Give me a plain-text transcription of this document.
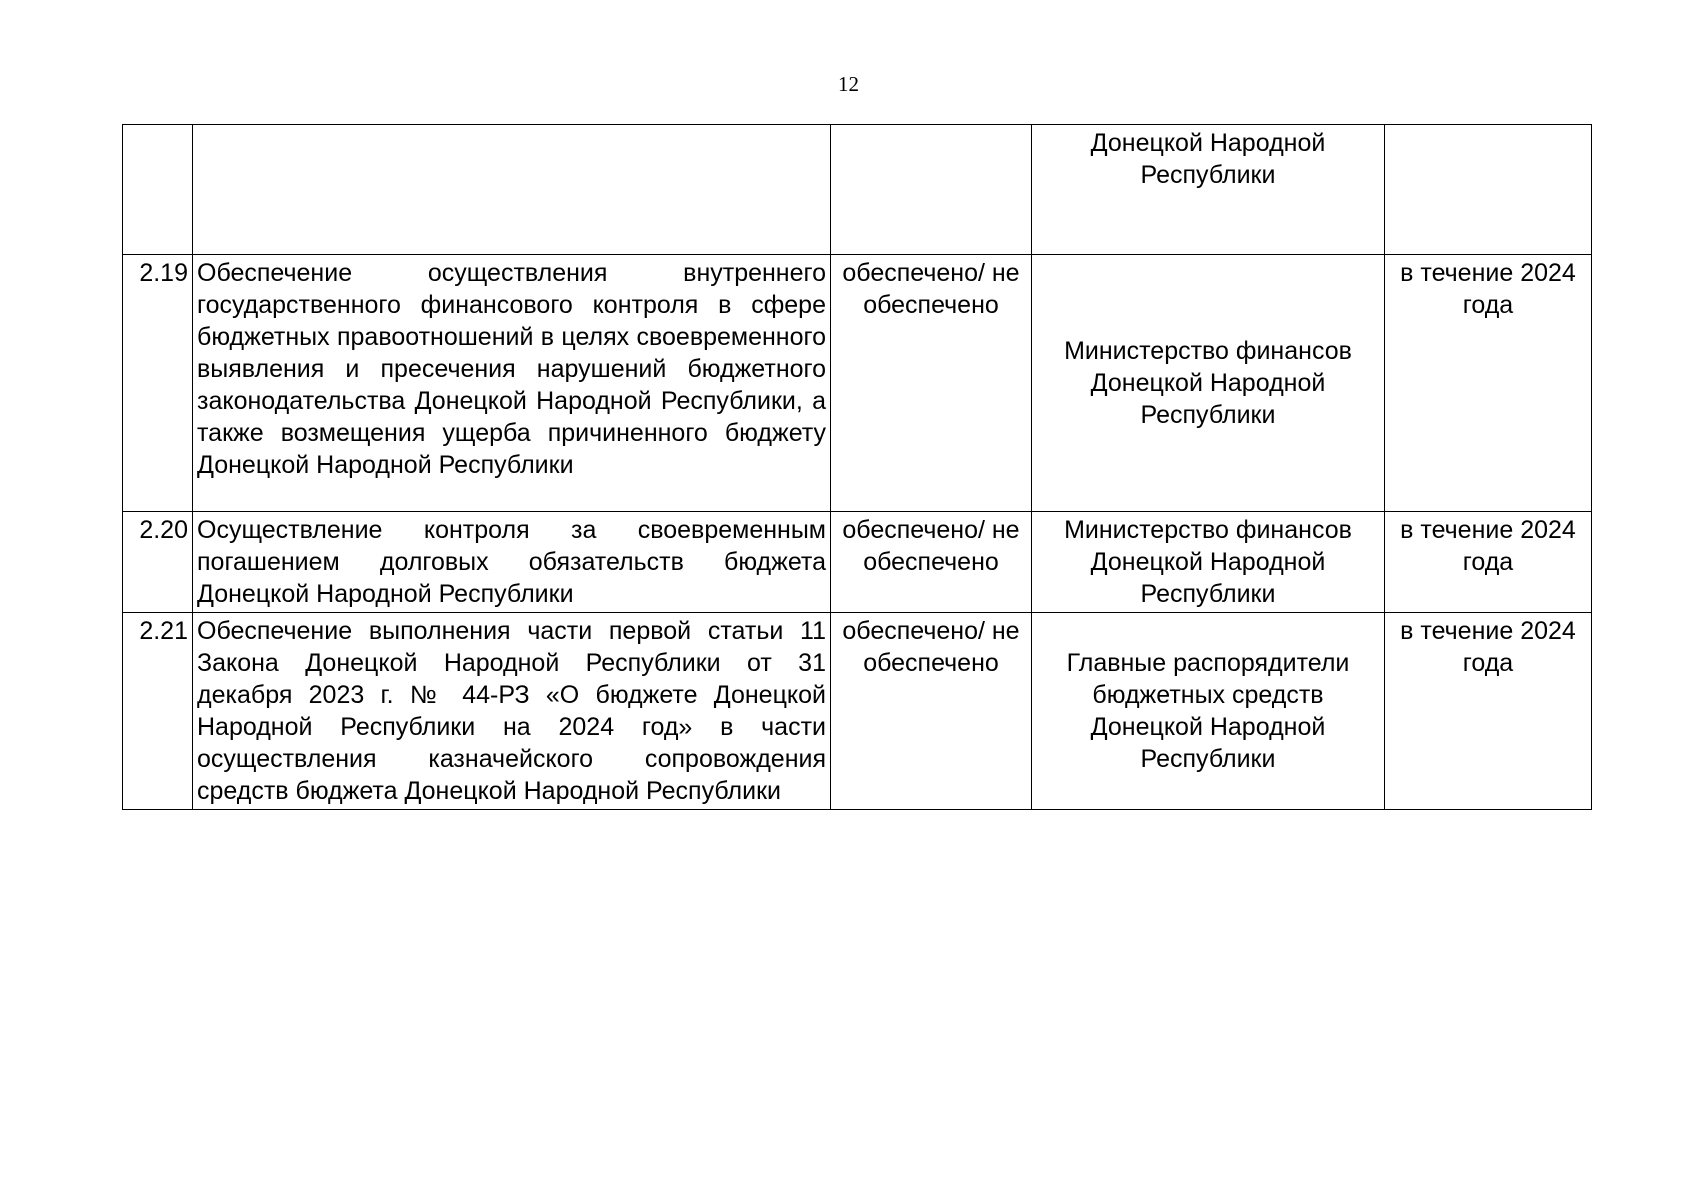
12
			Донецкой Народной Республики	
2.19	Обеспечение осуществления внутреннего государственного финансового контроля в сфере бюджетных правоотношений в целях своевременного выявления и пресечения нарушений бюджетного законодательства Донецкой Народной Республики, а также возмещения ущерба причиненного бюджету Донецкой Народной Республики	обеспечено/ не обеспечено	Министерство финансов Донецкой Народной Республики	в течение 2024 года
2.20	Осуществление контроля за своевременным погашением долговых обязательств бюджета Донецкой Народной Республики	обеспечено/ не обеспечено	Министерство финансов Донецкой Народной Республики	в течение 2024 года
2.21	Обеспечение выполнения части первой статьи 11 Закона Донецкой Народной Республики от 31 декабря 2023 г. № 44-РЗ «О бюджете Донецкой Народной Республики на 2024 год» в части осуществления казначейского сопровождения средств бюджета Донецкой Народной Республики	обеспечено/ не обеспечено	Главные распорядители бюджетных средств Донецкой Народной Республики	в течение 2024 года
